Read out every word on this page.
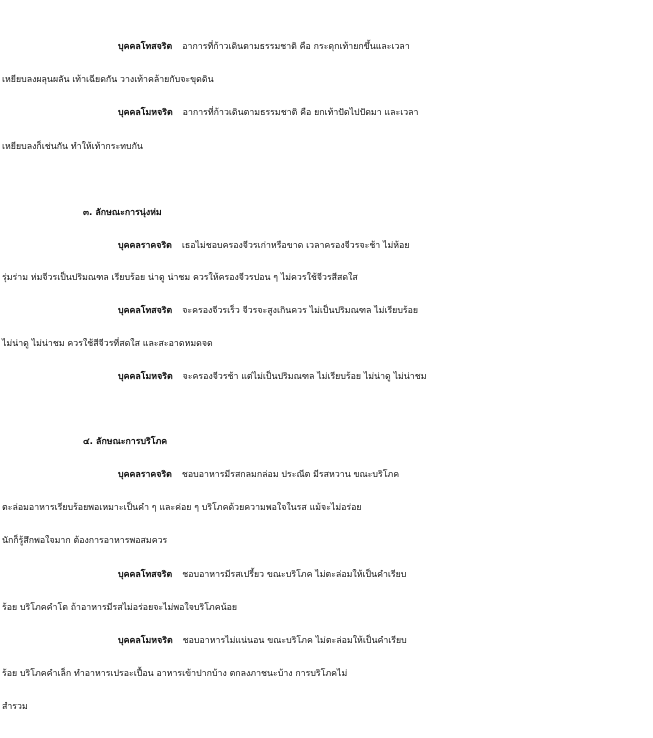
บุคคลโทสจริต อาการที่ก้าวเดินตามธรรมชาติ คือ กระดุกเท้ายกขึ้นและเวลา
เหยียบลงผลุนผลัน เท้าเฉียดกัน วางเท้าคล้ายกับจะขุดดิน
บุคคลโมหจริต อาการที่ก้าวเดินตามธรรมชาติ คือ ยกเท้าปัดไปปัดมา และเวลา
เหยียบลงก็เช่นกัน ทำให้เท้ากระทบกัน
๓. ลักษณะการนุ่งห่ม
บุคคลราคจริต เธอไม่ชอบครองจีวรเก่าหรือขาด เวลาครองจีวรจะช้า ไม่ห้อย
รุ่มร่าม ห่มจีวรเป็นปริมณฑล เรียบร้อย น่าดู น่าชม ควรให้ครองจีวรปอน ๆ ไม่ควรใช้จีวรสีสดใส
บุคคลโทสจริต จะครองจีวรเร็ว จีวรจะสูงเกินควร ไม่เป็นปริมณฑล ไม่เรียบร้อย
ไม่น่าดู ไม่น่าชม ควรใช้สีจีวรที่สดใส และสะอาดหมดจด
บุคคลโมหจริต จะครองจีวรช้า แต่ไม่เป็นปริมณฑล ไม่เรียบร้อย ไม่น่าดู ไม่น่าชม
๔. ลักษณะการบริโภค
บุคคลราคจริต ชอบอาหารมีรสกลมกล่อม ประณีต มีรสหวาน ขณะบริโภค
ตะล่อมอาหารเรียบร้อยพอเหมาะเป็นคำ ๆ และค่อย ๆ บริโภคด้วยความพอใจในรส แม้จะไม่อร่อย
นักก็รู้สึกพอใจมาก ต้องการอาหารพอสมควร
บุคคลโทสจริต ชอบอาหารมีรสเปรี้ยว ขณะบริโภค ไม่ตะล่อมให้เป็นคำเรียบ
ร้อย บริโภคคำโต ถ้าอาหารมีรสไม่อร่อยจะไม่พอใจบริโภคน้อย
บุคคลโมหจริต ชอบอาหารไม่แน่นอน ขณะบริโภค ไม่ตะล่อมให้เป็นคำเรียบ
ร้อย บริโภคคำเล็ก ทำอาหารเปรอะเปื้อน อาหารเข้าปากบ้าง ตกลงภาชนะบ้าง การบริโภคไม่
สำรวม
